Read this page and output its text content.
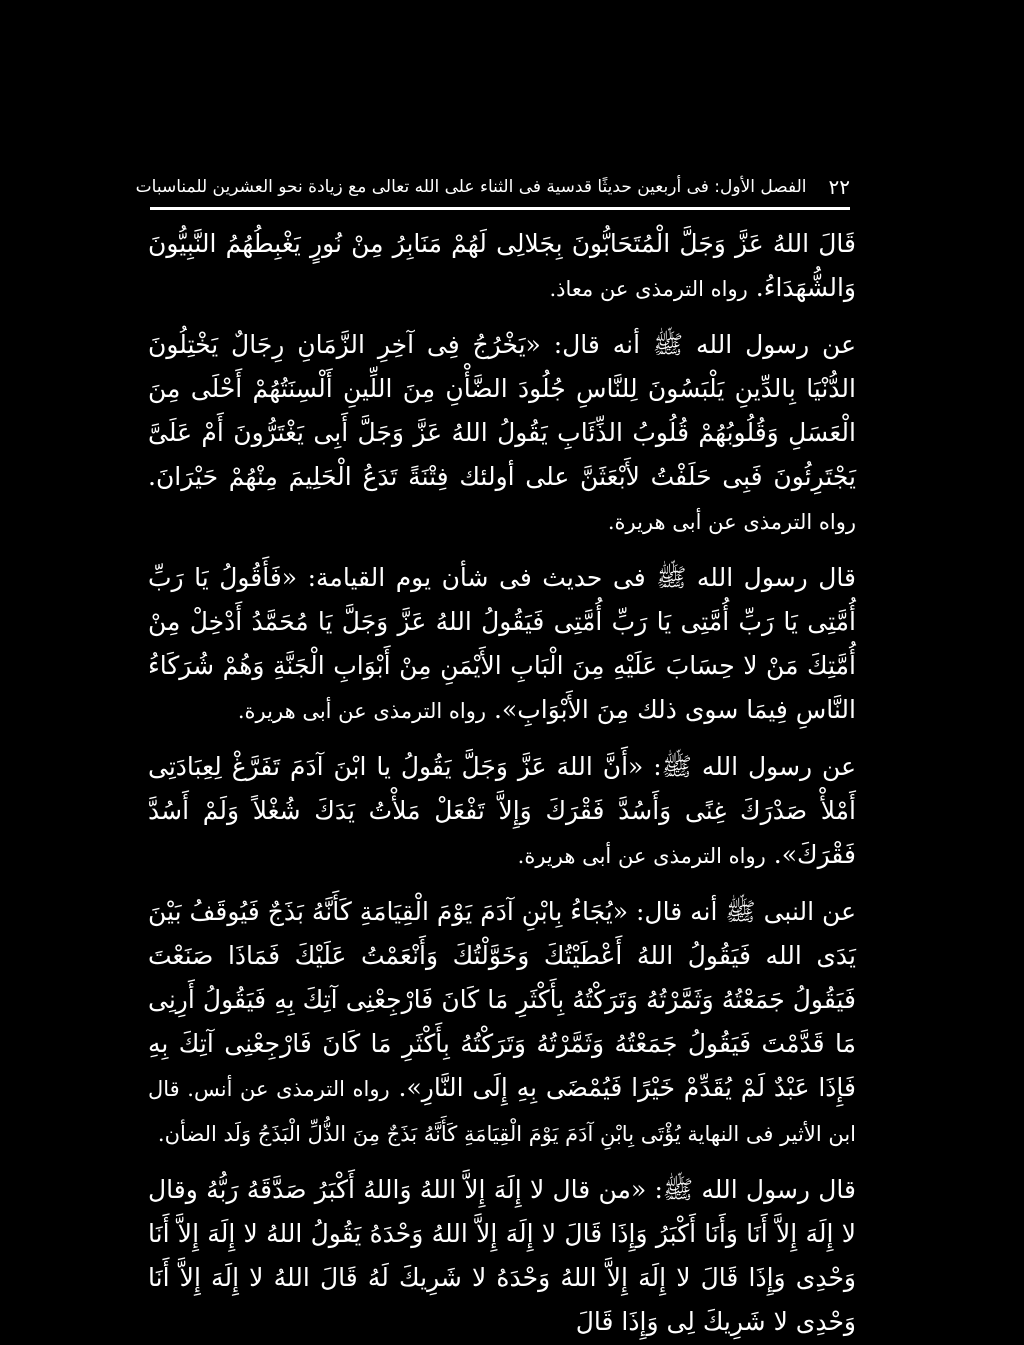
٢٢
الفصل الأول: فى أربعين حديثًا قدسية فى الثناء على الله تعالى مع زيادة نحو العشرين للمناسبات

قَالَ اللهُ عَزَّ وَجَلَّ الْمُتَحَابُّونَ بِجَلالِى لَهُمْ مَنَابِرُ مِنْ نُورٍ يَغْبِطُهُمُ النَّبِيُّونَ وَالشُّهَدَاءُ. رواه الترمذى عن معاذ.

عن رسول الله ﷺ أنه قال: «يَخْرُجُ فِى آخِرِ الزَّمَانِ رِجَالٌ يَخْتِلُونَ الدُّنْيَا بِالدِّينِ يَلْبَسُونَ لِلنَّاسِ جُلُودَ الضَّأْنِ مِنَ اللِّينِ أَلْسِنَتُهُمْ أَحْلَى مِنَ الْعَسَلِ وَقُلُوبُهُمْ قُلُوبُ الذِّئَابِ يَقُولُ اللهُ عَزَّ وَجَلَّ أَبِى يَغْتَرُّونَ أَمْ عَلَىَّ يَجْتَرِئُونَ فَبِى حَلَفْتُ لأَبْعَثَنَّ على أولئك فِتْنَةً تَدَعُ الْحَلِيمَ مِنْهُمْ حَيْرَانَ. رواه الترمذى عن أبى هريرة.

قال رسول الله ﷺ فى حديث فى شأن يوم القيامة: «فَأَقُولُ يَا رَبِّ أُمَّتِى يَا رَبِّ أُمَّتِى يَا رَبِّ أُمَّتِى فَيَقُولُ اللهُ عَزَّ وَجَلَّ يَا مُحَمَّدُ أَدْخِلْ مِنْ أُمَّتِكَ مَنْ لا حِسَابَ عَلَيْهِ مِنَ الْبَابِ الأَيْمَنِ مِنْ أَبْوَابِ الْجَنَّةِ وَهُمْ شُرَكَاءُ النَّاسِ فِيمَا سوى ذلك مِنَ الأَبْوَابِ». رواه الترمذى عن أبى هريرة.

عن رسول الله ﷺ: «أَنَّ اللهَ عَزَّ وَجَلَّ يَقُولُ يا ابْنَ آدَمَ تَفَرَّغْ لِعِبَادَتِى أَمْلأْ صَدْرَكَ غِنًى وَأَسُدَّ فَقْرَكَ وَإِلاَّ تَفْعَلْ مَلأْتُ يَدَكَ شُغْلاً وَلَمْ أَسُدَّ فَقْرَكَ». رواه الترمذى عن أبى هريرة.

عن النبى ﷺ أنه قال: «يُجَاءُ بِابْنِ آدَمَ يَوْمَ الْقِيَامَةِ كَأَنَّهُ بَذَجٌ فَيُوقَفُ بَيْنَ يَدَى الله فَيَقُولُ اللهُ أَعْطَيْتُكَ وَخَوَّلْتُكَ وَأَنْعَمْتُ عَلَيْكَ فَمَاذَا صَنَعْتَ فَيَقُولُ جَمَعْتُهُ وَثَمَّرْتُهُ وَتَرَكْتُهُ بِأَكْثَرِ مَا كَانَ فَارْجِعْنِى آتِكَ بِهِ فَيَقُولُ أَرِنِى مَا قَدَّمْتَ فَيَقُولُ جَمَعْتُهُ وَثَمَّرْتُهُ وَتَرَكْتُهُ بِأَكْثَرِ مَا كَانَ فَارْجِعْنِى آتِكَ بِهِ فَإِذَا عَبْدٌ لَمْ يُقَدِّمْ خَيْرًا فَيُمْضَى بِهِ إِلَى النَّارِ». رواه الترمذى عن أنس. قال ابن الأثير فى النهاية يُؤْتَى بِابْنِ آدَمَ يَوْمَ الْقِيَامَةِ كَأَنَّهُ بَذَجٌ مِنَ الذُّلِّ الْبَذَجُ وَلَد الضأن.

قال رسول الله ﷺ: «من قال لا إِلَهَ إِلاَّ اللهُ وَاللهُ أَكْبَرُ صَدَّقَهُ رَبُّهُ وقال لا إِلَهَ إِلاَّ أَنَا وَأَنَا أَكْبَرُ وَإِذَا قَالَ لا إِلَهَ إِلاَّ اللهُ وَحْدَهُ يَقُولُ اللهُ لا إِلَهَ إِلاَّ أَنَا وَحْدِى وَإِذَا قَالَ لا إِلَهَ إِلاَّ اللهُ وَحْدَهُ لا شَرِيكَ لَهُ قَالَ اللهُ لا إِلَهَ إِلاَّ أَنَا وَحْدِى لا شَرِيكَ لِى وَإِذَا قَالَ
